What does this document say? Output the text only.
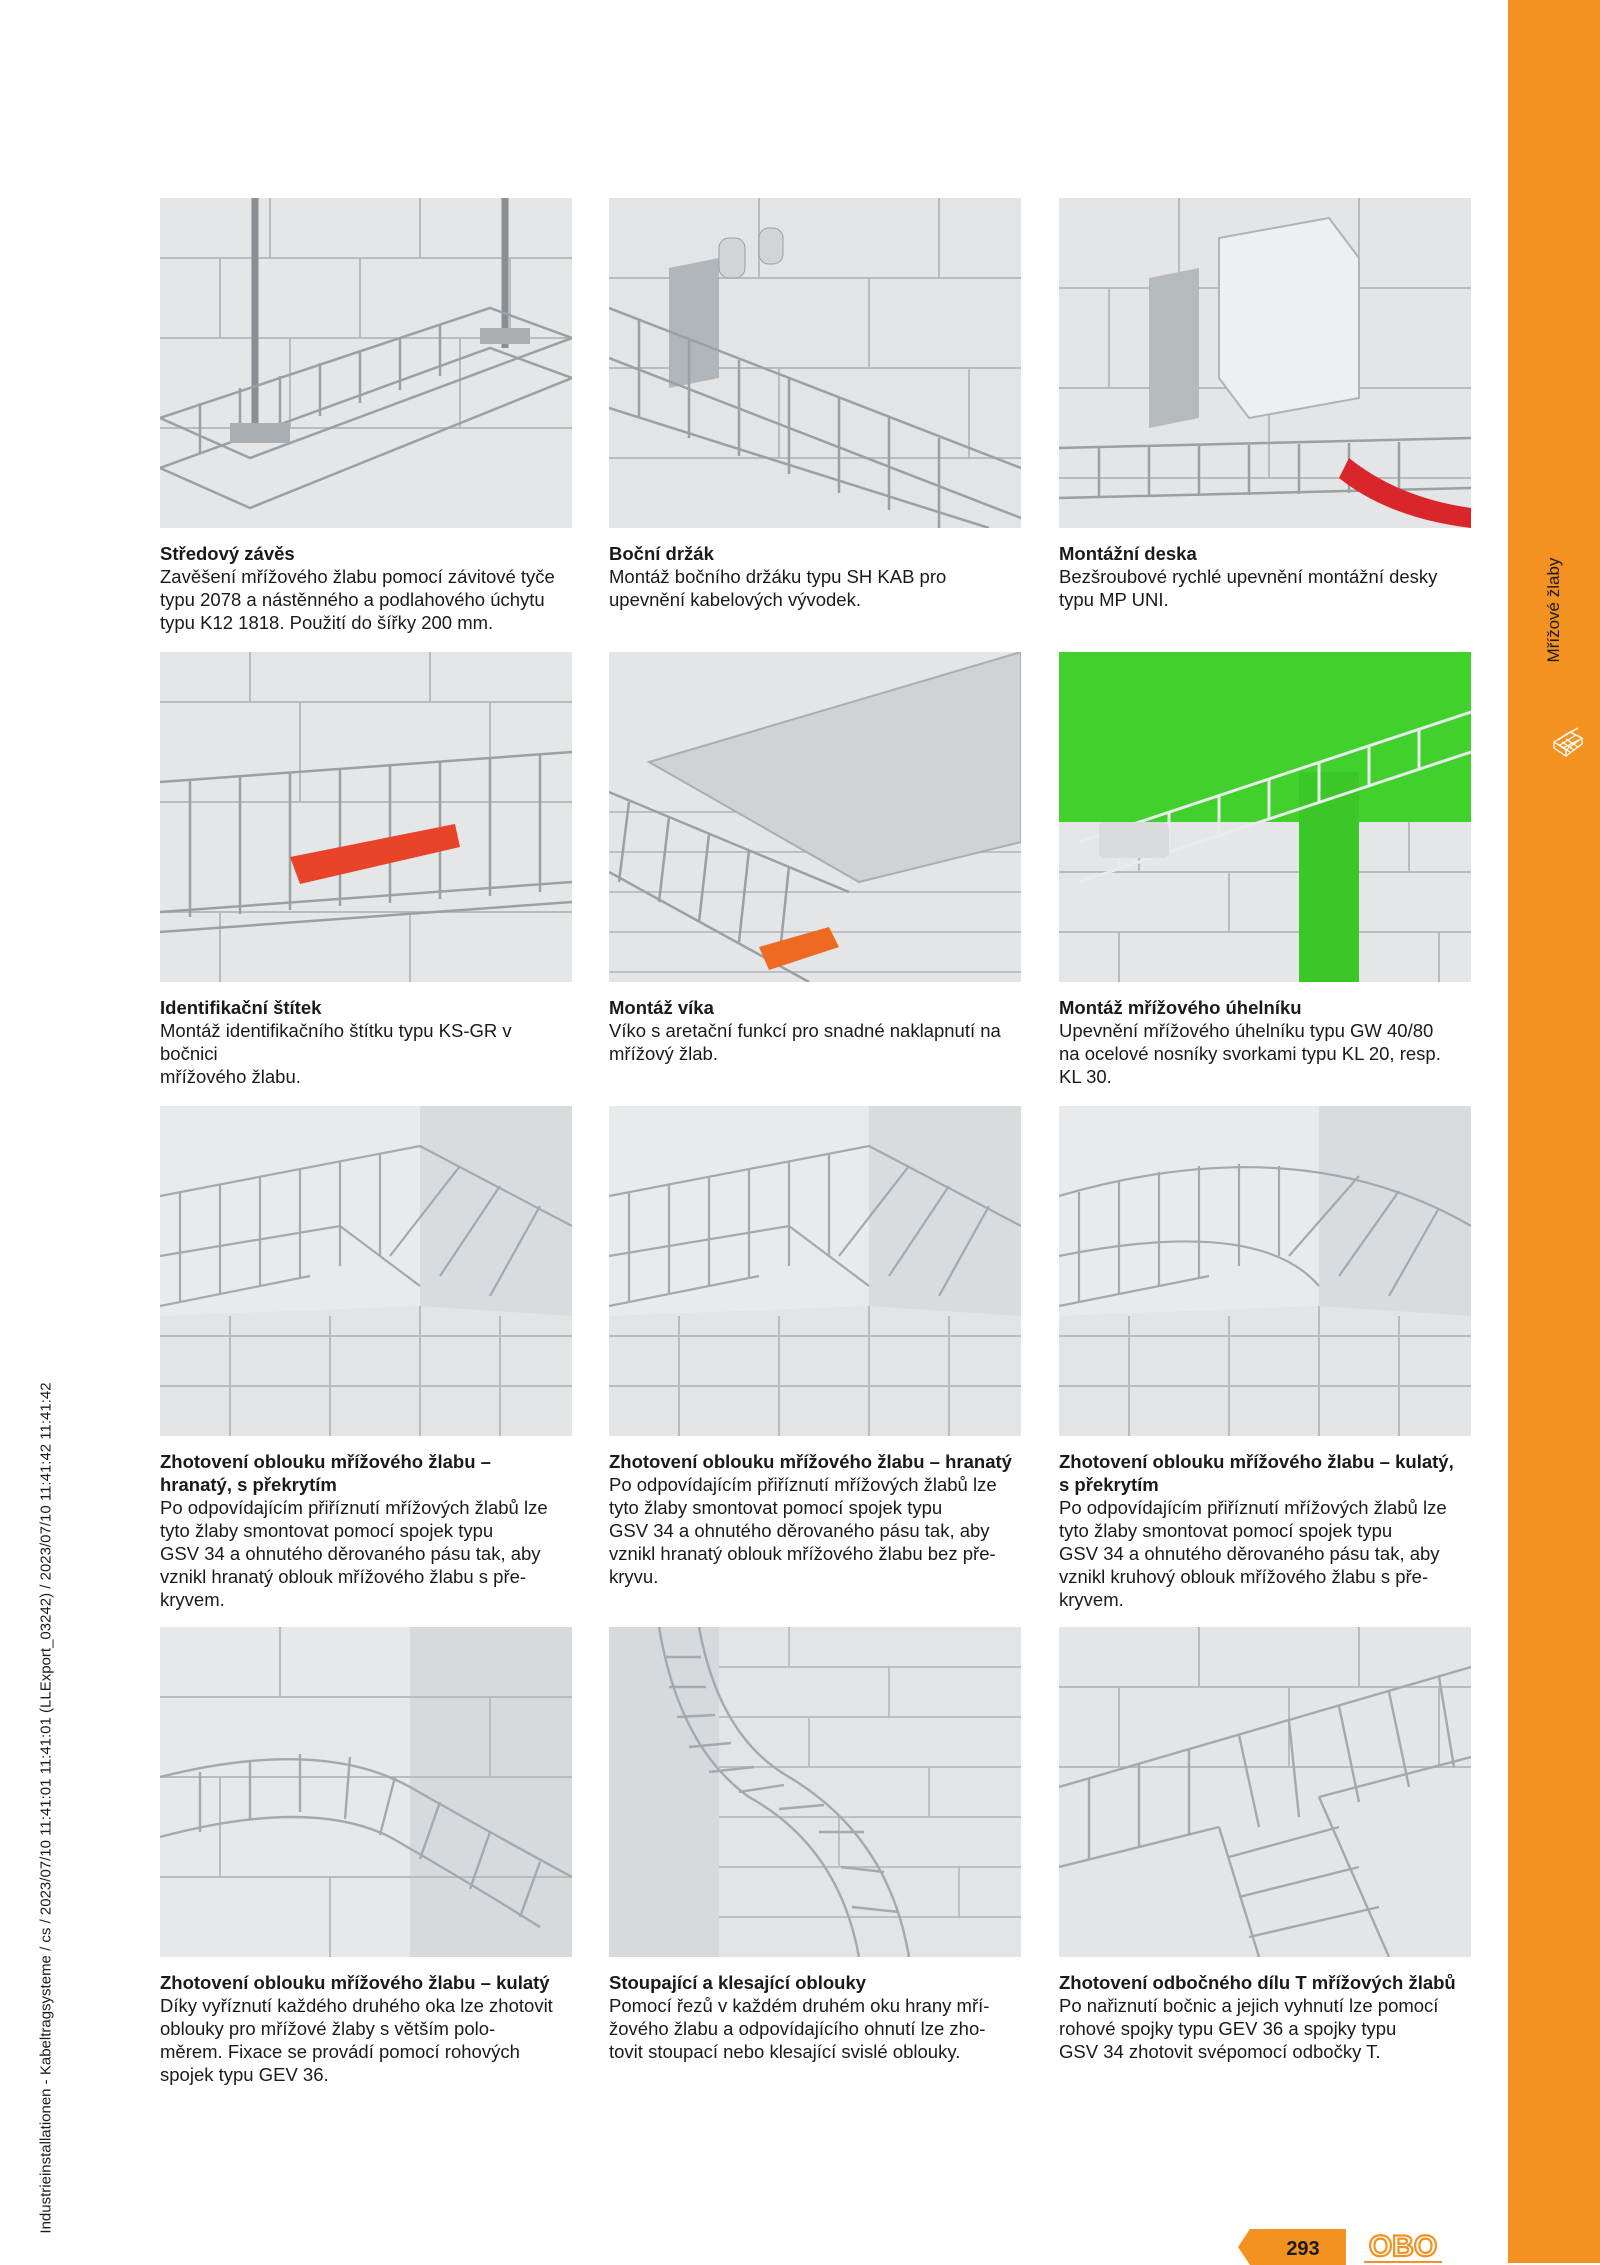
Mřížové žlaby
Industrieinstallationen - Kabeltragsysteme / cs / 2023/07/10 11:41:01 11:41:01 (LLExport_03242) / 2023/07/10 11:41:42 11:41:42
Středový závěs

Zavěšení mřížového žlabu pomocí závitové tyče
typu 2078 a nástěnného a podlahového úchytu
typu K12 1818. Použití do šířky 200 mm.

Boční držák

Montáž bočního držáku typu SH KAB pro
upevnění kabelových vývodek.

Montážní deska

Bezšroubové rychlé upevnění montážní desky
typu MP UNI.

Identifikační štítek

Montáž identifikačního štítku typu KS-GR v bočnici
mřížového žlabu.

Montáž víka

Víko s aretační funkcí pro snadné naklapnutí na
mřížový žlab.

Montáž mřížového úhelníku

Upevnění mřížového úhelníku typu GW 40/80
na ocelové nosníky svorkami typu KL 20, resp.
KL 30.

Zhotovení oblouku mřížového žlabu –
hranatý, s překrytím

Po odpovídajícím přiříznutí mřížových žlabů lze
tyto žlaby smontovat pomocí spojek typu
GSV 34 a ohnutého děrovaného pásu tak, aby
vznikl hranatý oblouk mřížového žlabu s pře-
kryvem.

Zhotovení oblouku mřížového žlabu – hranatý

Po odpovídajícím přiříznutí mřížových žlabů lze
tyto žlaby smontovat pomocí spojek typu
GSV 34 a ohnutého děrovaného pásu tak, aby
vznikl hranatý oblouk mřížového žlabu bez pře-
kryvu.

Zhotovení oblouku mřížového žlabu – kulatý,
s překrytím

Po odpovídajícím přiříznutí mřížových žlabů lze
tyto žlaby smontovat pomocí spojek typu
GSV 34 a ohnutého děrovaného pásu tak, aby
vznikl kruhový oblouk mřížového žlabu s pře-
kryvem.

Zhotovení oblouku mřížového žlabu – kulatý

Díky vyříznutí každého druhého oka lze zhotovit
oblouky pro mřížové žlaby s větším polo-
měrem. Fixace se provádí pomocí rohových
spojek typu GEV 36.

Stoupající a klesající oblouky

Pomocí řezů v každém druhém oku hrany mří-
žového žlabu a odpovídajícího ohnutí lze zho-
tovit stoupací nebo klesající svislé oblouky.

Zhotovení odbočného dílu T mřížových žlabů

Po nařiznutí bočnic a jejich vyhnutí lze pomocí
rohové spojky typu GEV 36 a spojky typu
GSV 34 zhotovit svépomocí odbočky T.

293	OBO
